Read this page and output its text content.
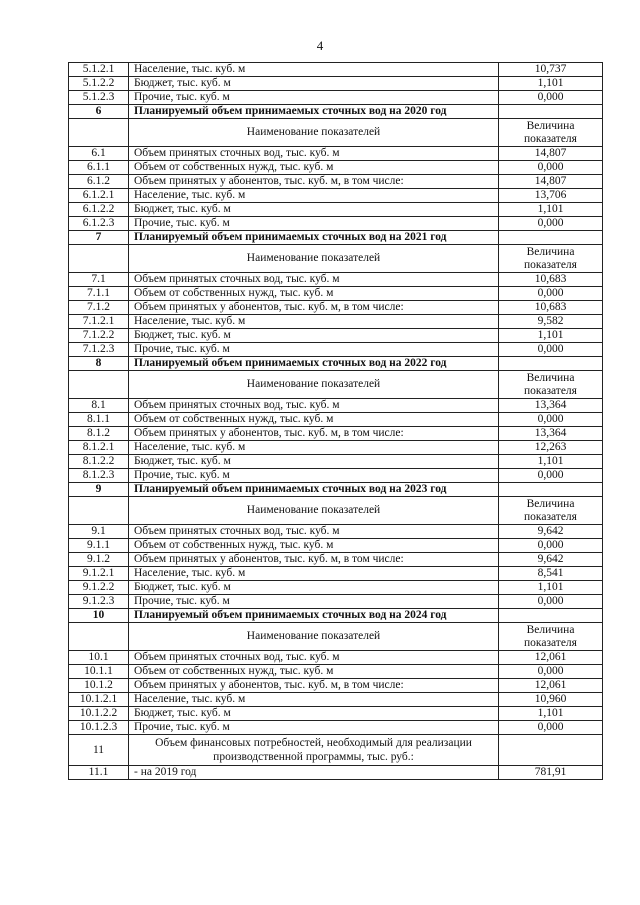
4
5.1.2.1	Население, тыс. куб. м	10,737
5.1.2.2	Бюджет, тыс. куб. м	1,101
5.1.2.3	Прочие, тыс. куб. м	0,000
6	Планируемый объем принимаемых сточных вод на 2020 год	
	Наименование показателей	Величина показателя
6.1	Объем принятых сточных вод, тыс. куб. м	14,807
6.1.1	Объем от собственных нужд, тыс. куб. м	0,000
6.1.2	Объем принятых у абонентов, тыс. куб. м, в том числе:	14,807
6.1.2.1	Население, тыс. куб. м	13,706
6.1.2.2	Бюджет, тыс. куб. м	1,101
6.1.2.3	Прочие, тыс. куб. м	0,000
7	Планируемый объем принимаемых сточных вод на 2021 год	
	Наименование показателей	Величина показателя
7.1	Объем принятых сточных вод, тыс. куб. м	10,683
7.1.1	Объем от собственных нужд, тыс. куб. м	0,000
7.1.2	Объем принятых у абонентов, тыс. куб. м, в том числе:	10,683
7.1.2.1	Население, тыс. куб. м	9,582
7.1.2.2	Бюджет, тыс. куб. м	1,101
7.1.2.3	Прочие, тыс. куб. м	0,000
8	Планируемый объем принимаемых сточных вод на 2022 год	
	Наименование показателей	Величина показателя
8.1	Объем принятых сточных вод, тыс. куб. м	13,364
8.1.1	Объем от собственных нужд, тыс. куб. м	0,000
8.1.2	Объем принятых у абонентов, тыс. куб. м, в том числе:	13,364
8.1.2.1	Население, тыс. куб. м	12,263
8.1.2.2	Бюджет, тыс. куб. м	1,101
8.1.2.3	Прочие, тыс. куб. м	0,000
9	Планируемый объем принимаемых сточных вод на 2023 год	
	Наименование показателей	Величина показателя
9.1	Объем принятых сточных вод, тыс. куб. м	9,642
9.1.1	Объем от собственных нужд, тыс. куб. м	0,000
9.1.2	Объем принятых у абонентов, тыс. куб. м, в том числе:	9,642
9.1.2.1	Население, тыс. куб. м	8,541
9.1.2.2	Бюджет, тыс. куб. м	1,101
9.1.2.3	Прочие, тыс. куб. м	0,000
10	Планируемый объем принимаемых сточных вод на 2024 год	
	Наименование показателей	Величина показателя
10.1	Объем принятых сточных вод, тыс. куб. м	12,061
10.1.1	Объем от собственных нужд, тыс. куб. м	0,000
10.1.2	Объем принятых у абонентов, тыс. куб. м, в том числе:	12,061
10.1.2.1	Население, тыс. куб. м	10,960
10.1.2.2	Бюджет, тыс. куб. м	1,101
10.1.2.3	Прочие, тыс. куб. м	0,000
11	Объем финансовых потребностей, необходимый для реализации производственной программы, тыс. руб.:	
11.1	- на 2019 год	781,91
